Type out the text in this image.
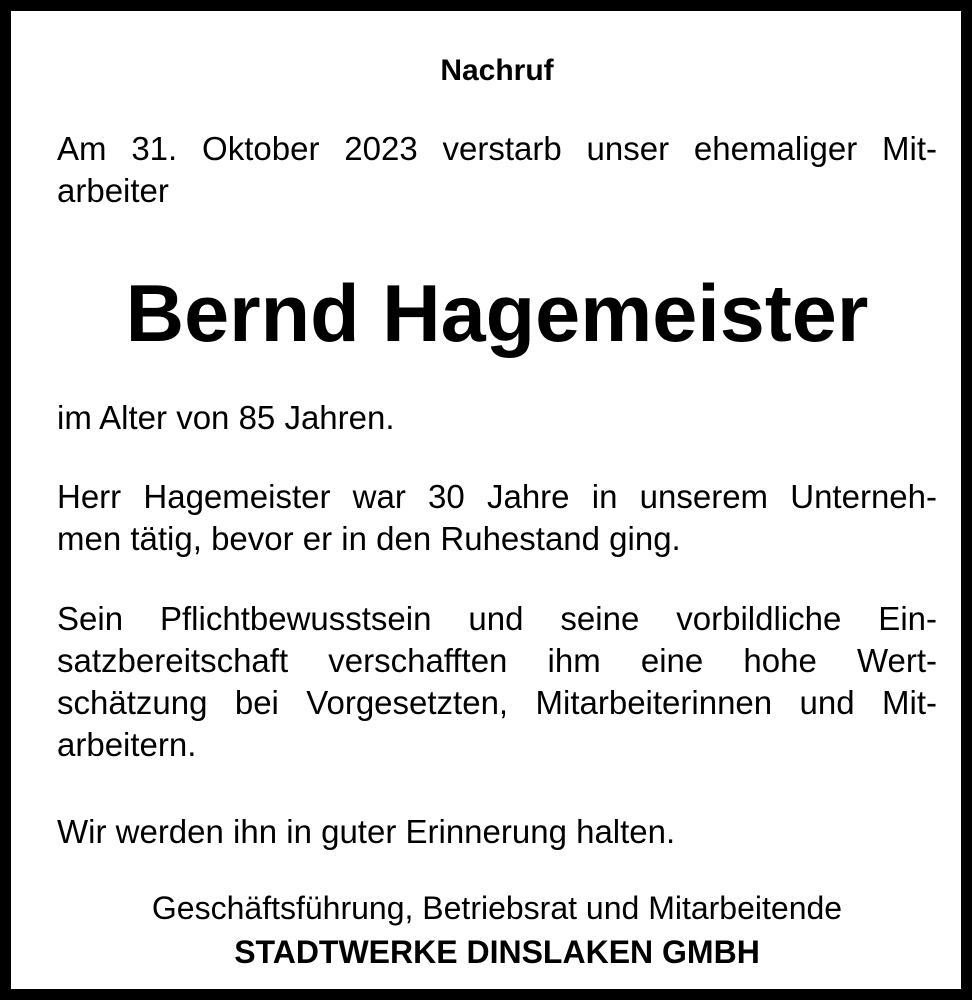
Nachruf

Am 31. Oktober 2023 verstarb unser ehemaliger Mit-
arbeiter

Bernd Hagemeister

im Alter von 85 Jahren.

Herr Hagemeister war 30 Jahre in unserem Unterneh-
men tätig, bevor er in den Ruhestand ging.

Sein Pflichtbewusstsein und seine vorbildliche Ein-
satzbereitschaft verschafften ihm eine hohe Wert-
schätzung bei Vorgesetzten, Mitarbeiterinnen und Mit-
arbeitern.

Wir werden ihn in guter Erinnerung halten.

Geschäftsführung, Betriebsrat und Mitarbeitende
STADTWERKE DINSLAKEN GMBH
